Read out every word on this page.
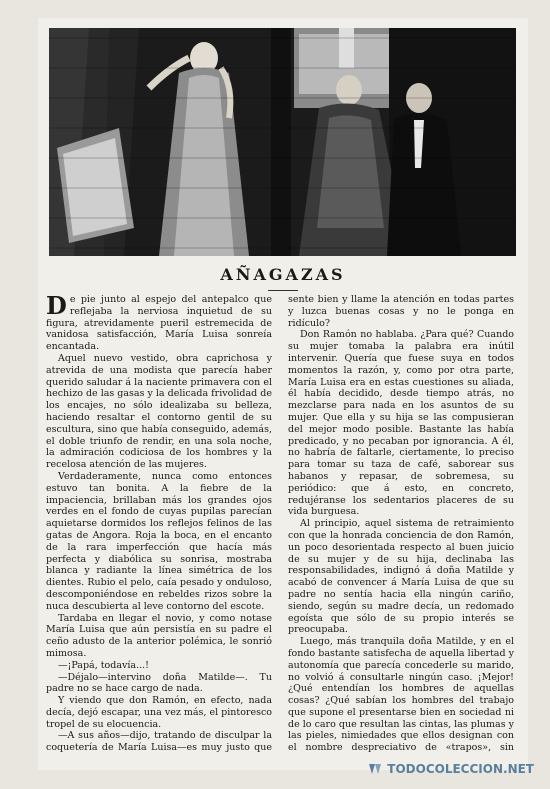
AÑAGAZAS

De pie junto al espejo del antepalco que reflejaba la nerviosa inquietud de su figura, atrevidamente pueril estremecida de vanidosa satisfacción, María Luisa sonreía encantada.

Aquel nuevo vestido, obra caprichosa y atrevida de una modista que parecía haber querido saludar á la naciente primavera con el hechizo de las gasas y la delicada frivolidad de los encajes, no sólo idealizaba su belleza, haciendo resaltar el contorno gentil de su escultura, sino que había conseguido, además, el doble triunfo de rendir, en una sola noche, la admiración codiciosa de los hombres y la recelosa atención de las mujeres.

Verdaderamente, nunca como entonces estuvo tan bonita. A la fiebre de la impaciencia, brillaban más los grandes ojos verdes en el fondo de cuyas pupilas parecían aquietarse dormidos los reflejos felinos de las gatas de Angora. Roja la boca, en el encanto de la rara imperfección que hacía más perfecta y diabólica su sonrisa, mostraba blanca y radiante la línea simétrica de los dientes. Rubio el pelo, caía pesado y onduloso, descomponiéndose en rebeldes rizos sobre la nuca descubierta al leve contorno del escote.

Tardaba en llegar el novio, y como notase María Luisa que aún persistía en su padre el ceño adusto de la anterior polémica, le sonrió mimosa.

—¡Papá, todavía...!

—Déjalo—intervino doña Matilde—. Tu padre no se hace cargo de nada.

Y viendo que don Ramón, en efecto, nada decía, dejó escapar, una vez más, el pintoresco tropel de su elocuencia.

—A sus años—dijo, tratando de disculpar la coquetería de María Luisa—es muy justo que

sente bien y llame la atención en todas partes y luzca buenas cosas y no le ponga en ridículo?

Don Ramón no hablaba. ¿Para qué? Cuando su mujer tomaba la palabra era inútil intervenir. Quería que fuese suya en todos momentos la razón, y, como por otra parte, María Luisa era en estas cuestiones su aliada, él había decidido, desde tiempo atrás, no mezclarse para nada en los asuntos de su mujer. Que ella y su hija se las compusieran del mejor modo posible. Bastante las había predicado, y no pecaban por ignorancia. A él, no habría de faltarle, ciertamente, lo preciso para tomar su taza de café, saborear sus habanos y repasar, de sobremesa, su periódico: que á esto, en concreto, redujéranse los sedentarios placeres de su vida burguesa.

Al principio, aquel sistema de retraimiento con que la honrada conciencia de don Ramón, un poco desorientada respecto al buen juicio de su mujer y de su hija, declinaba las responsabilidades, indignó á doña Matilde y acabó de convencer á María Luisa de que su padre no sentía hacia ella ningún cariño, siendo, según su madre decía, un redomado egoísta que sólo de su propio interés se preocupaba.

Luego, más tranquila doña Matilde, y en el fondo bastante satisfecha de aquella libertad y autonomía que parecía concederle su marido, no volvió á consultarle ningún caso. ¡Mejor! ¿Qué entendían los hombres de aquellas cosas? ¿Qué sabían los hombres del trabajo que supone el presentarse bien en sociedad ni de lo caro que resultan las cintas, las plumas y las pieles, nimiedades que ellos designan con el nombre despreciativo de «trapos», sin

TODOCOLECCION.NET
